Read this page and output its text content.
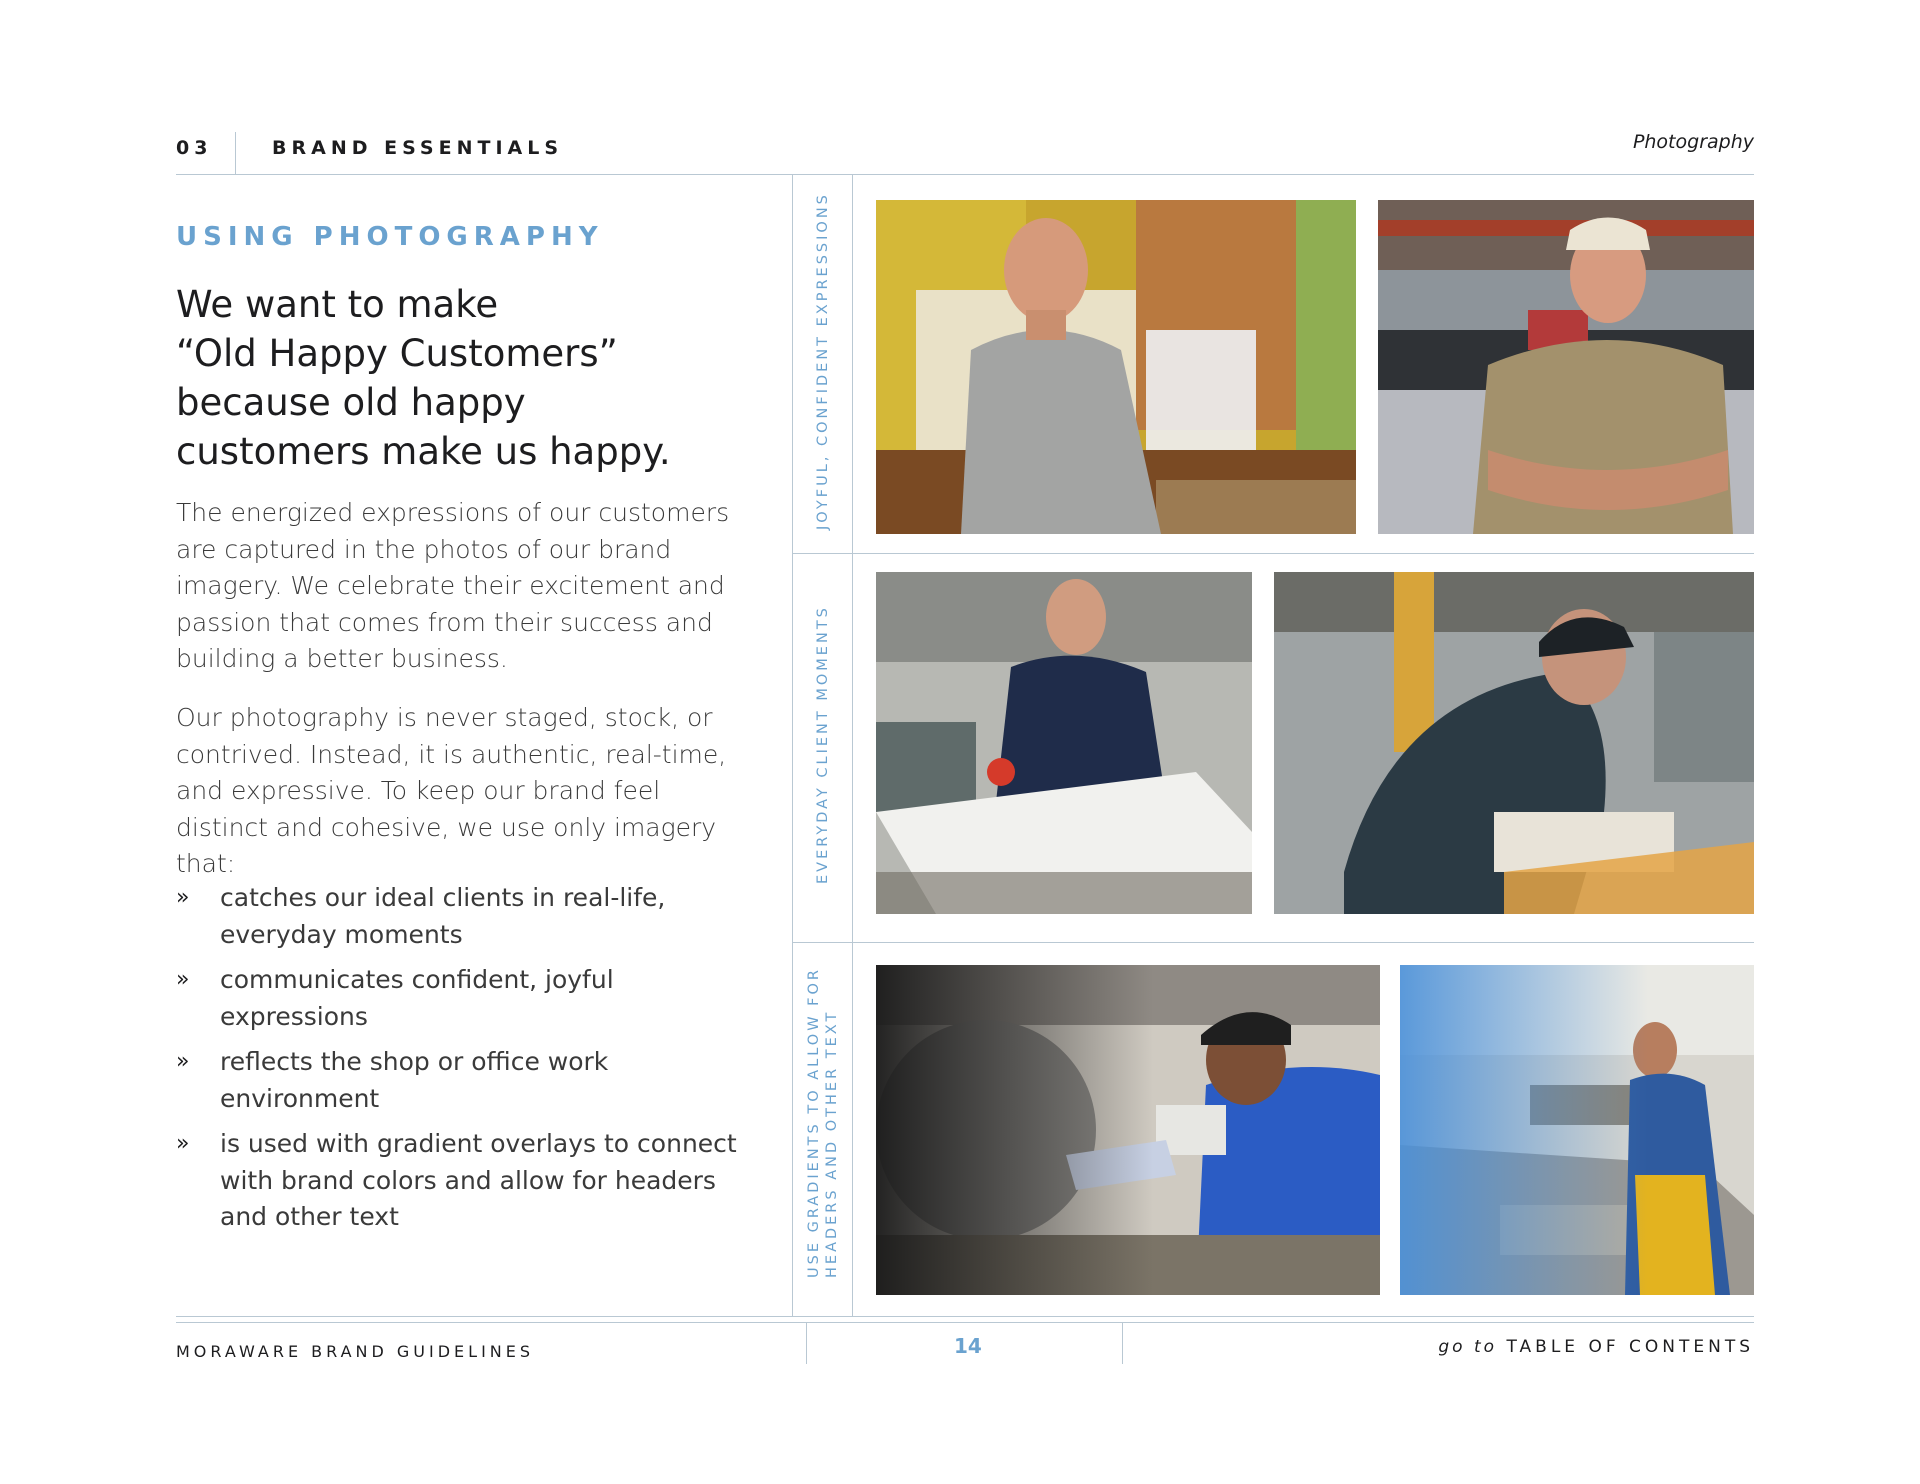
03	BRAND ESSENTIALS	Photography
USING PHOTOGRAPHY
We want to make
“Old Happy Customers”
because old happy
customers make us happy.

The energized expressions of our customers are captured in the photos of our brand imagery. We celebrate their excitement and passion that comes from their success and building a better business.

Our photography is never staged, stock, or contrived. Instead, it is authentic, real-time, and expressive. To keep our brand feel distinct and cohesive, we use only imagery that:

» catches our ideal clients in real-life, everyday moments
» communicates confident, joyful expressions
» reflects the shop or office work environment
» is used with gradient overlays to connect with brand colors and allow for headers and other text
JOYFUL, CONFIDENT EXPRESSIONS
EVERYDAY CLIENT MOMENTS
USE GRADIENTS TO ALLOW FOR HEADERS AND OTHER TEXT
MORAWARE BRAND GUIDELINES	14	go to TABLE OF CONTENTS
